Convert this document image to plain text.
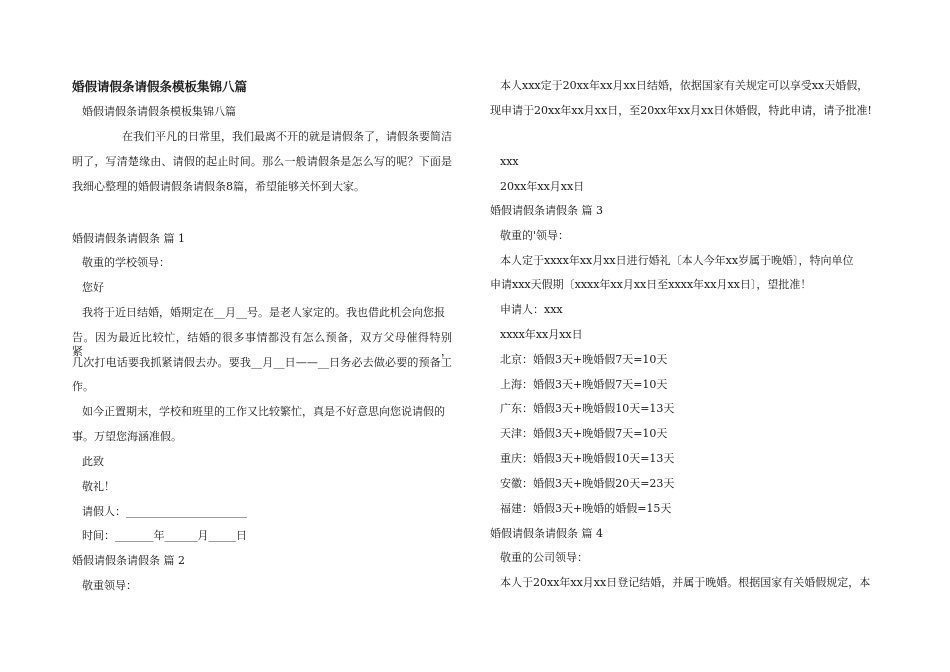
婚假请假条请假条模板集锦八篇
婚假请假条请假条模板集锦八篇
在我们平凡的日常里，我们最离不开的就是请假条了，请假条要简洁
明了，写清楚缘由、请假的起止时间。那么一般请假条是怎么写的呢？下面是
我细心整理的婚假请假条请假条8篇，希望能够关怀到大家。
婚假请假条请假条 篇 1
敬重的学校领导：
您好
我将于近日结婚，婚期定在__月__号。是老人家定的。我也借此机会向您报
告。因为最近比较忙，结婚的很多事情都没有怎么预备，双方父母催得特别紧，
几次打电话要我抓紧请假去办。要我__月__日——__日务必去做必要的预备工
作。
如今正置期末，学校和班里的工作又比较繁忙，真是不好意思向您说请假的
事。万望您海涵准假。
此致
敬礼！
请假人：______________________
时间：_______年______月_____日
婚假请假条请假条 篇 2
敬重领导：
本人xxx定于20xx年xx月xx日结婚，依据国家有关规定可以享受xx天婚假，
现申请于20xx年xx月xx日，至20xx年xx月xx日休婚假，特此申请，请予批准!
xxx
20xx年xx月xx日
婚假请假条请假条 篇 3
敬重的'领导：
本人定于xxxx年xx月xx日进行婚礼〔本人今年xx岁属于晚婚〕，特向单位
申请xxx天假期〔xxxx年xx月xx日至xxxx年xx月xx日〕，望批准！
申请人：xxx
xxxx年xx月xx日
北京：婚假3天+晚婚假7天=10天
上海：婚假3天+晚婚假7天=10天
广东：婚假3天+晚婚假10天=13天
天津：婚假3天+晚婚假7天=10天
重庆：婚假3天+晚婚假10天=13天
安徽：婚假3天+晚婚假20天=23天
福建：婚假3天+晚婚的婚假=15天
婚假请假条请假条 篇 4
敬重的公司领导：
本人于20xx年xx月xx日登记结婚，并属于晚婚。根据国家有关婚假规定，本
